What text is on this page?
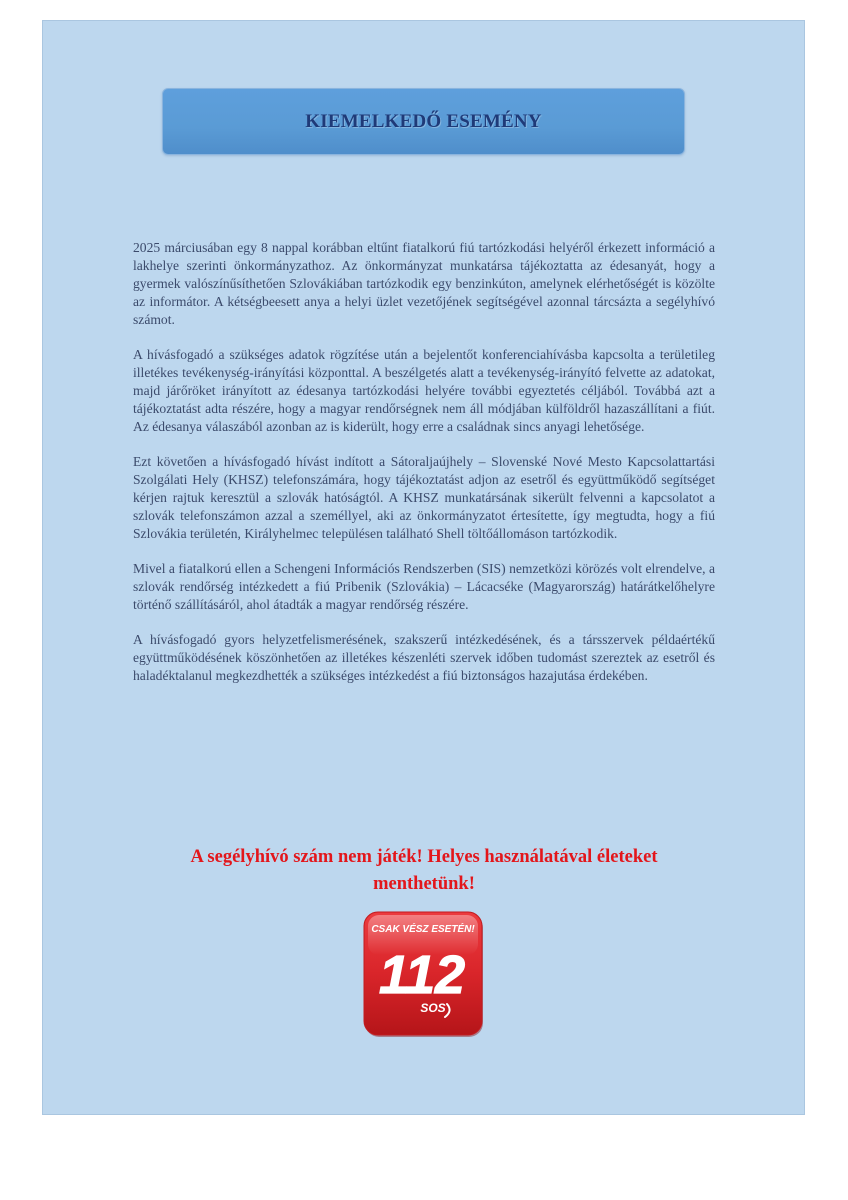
KIEMELKEDŐ ESEMÉNY

2025 márciusában egy 8 nappal korábban eltűnt fiatalkorú fiú tartózkodási helyéről érkezett információ a lakhelye szerinti önkormányzathoz. Az önkormányzat munkatársa tájékoztatta az édesanyát, hogy a gyermek valószínűsíthetően Szlovákiában tartózkodik egy benzinkúton, amelynek elérhetőségét is közölte az informátor. A kétségbeesett anya a helyi üzlet vezetőjének segítségével azonnal tárcsázta a segélyhívó számot.

A hívásfogadó a szükséges adatok rögzítése után a bejelentőt konferenciahívásba kapcsolta a területileg illetékes tevékenység-irányítási központtal. A beszélgetés alatt a tevékenység-irányító felvette az adatokat, majd járőröket irányított az édesanya tartózkodási helyére további egyeztetés céljából. Továbbá azt a tájékoztatást adta részére, hogy a magyar rendőrségnek nem áll módjában külföldről hazaszállítani a fiút. Az édesanya válaszából azonban az is kiderült, hogy erre a családnak sincs anyagi lehetősége.

Ezt követően a hívásfogadó hívást indított a Sátoraljaújhely – Slovenské Nové Mesto Kapcsolattartási Szolgálati Hely (KHSZ) telefonszámára, hogy tájékoztatást adjon az esetről és együttműködő segítséget kérjen rajtuk keresztül a szlovák hatóságtól. A KHSZ munkatársának sikerült felvenni a kapcsolatot a szlovák telefonszámon azzal a személlyel, aki az önkormányzatot értesítette, így megtudta, hogy a fiú Szlovákia területén, Királyhelmec településen található Shell töltőállomáson tartózkodik.

Mivel a fiatalkorú ellen a Schengeni Információs Rendszerben (SIS) nemzetközi körözés volt elrendelve, a szlovák rendőrség intézkedett a fiú Pribenik (Szlovákia) – Lácacséke (Magyarország) határátkelőhelyre történő szállításáról, ahol átadták a magyar rendőrség részére.

A hívásfogadó gyors helyzetfelismerésének, szakszerű intézkedésének, és a társszervek példaértékű együttműködésének köszönhetően az illetékes készenléti szervek időben tudomást szereztek az esetről és haladéktalanul megkezdhették a szükséges intézkedést a fiú biztonságos hazajutása érdekében.

A segélyhívó szám nem játék! Helyes használatával életeket
menthetünk!
CSAK VÉSZ ESETÉN!
112
SOS
